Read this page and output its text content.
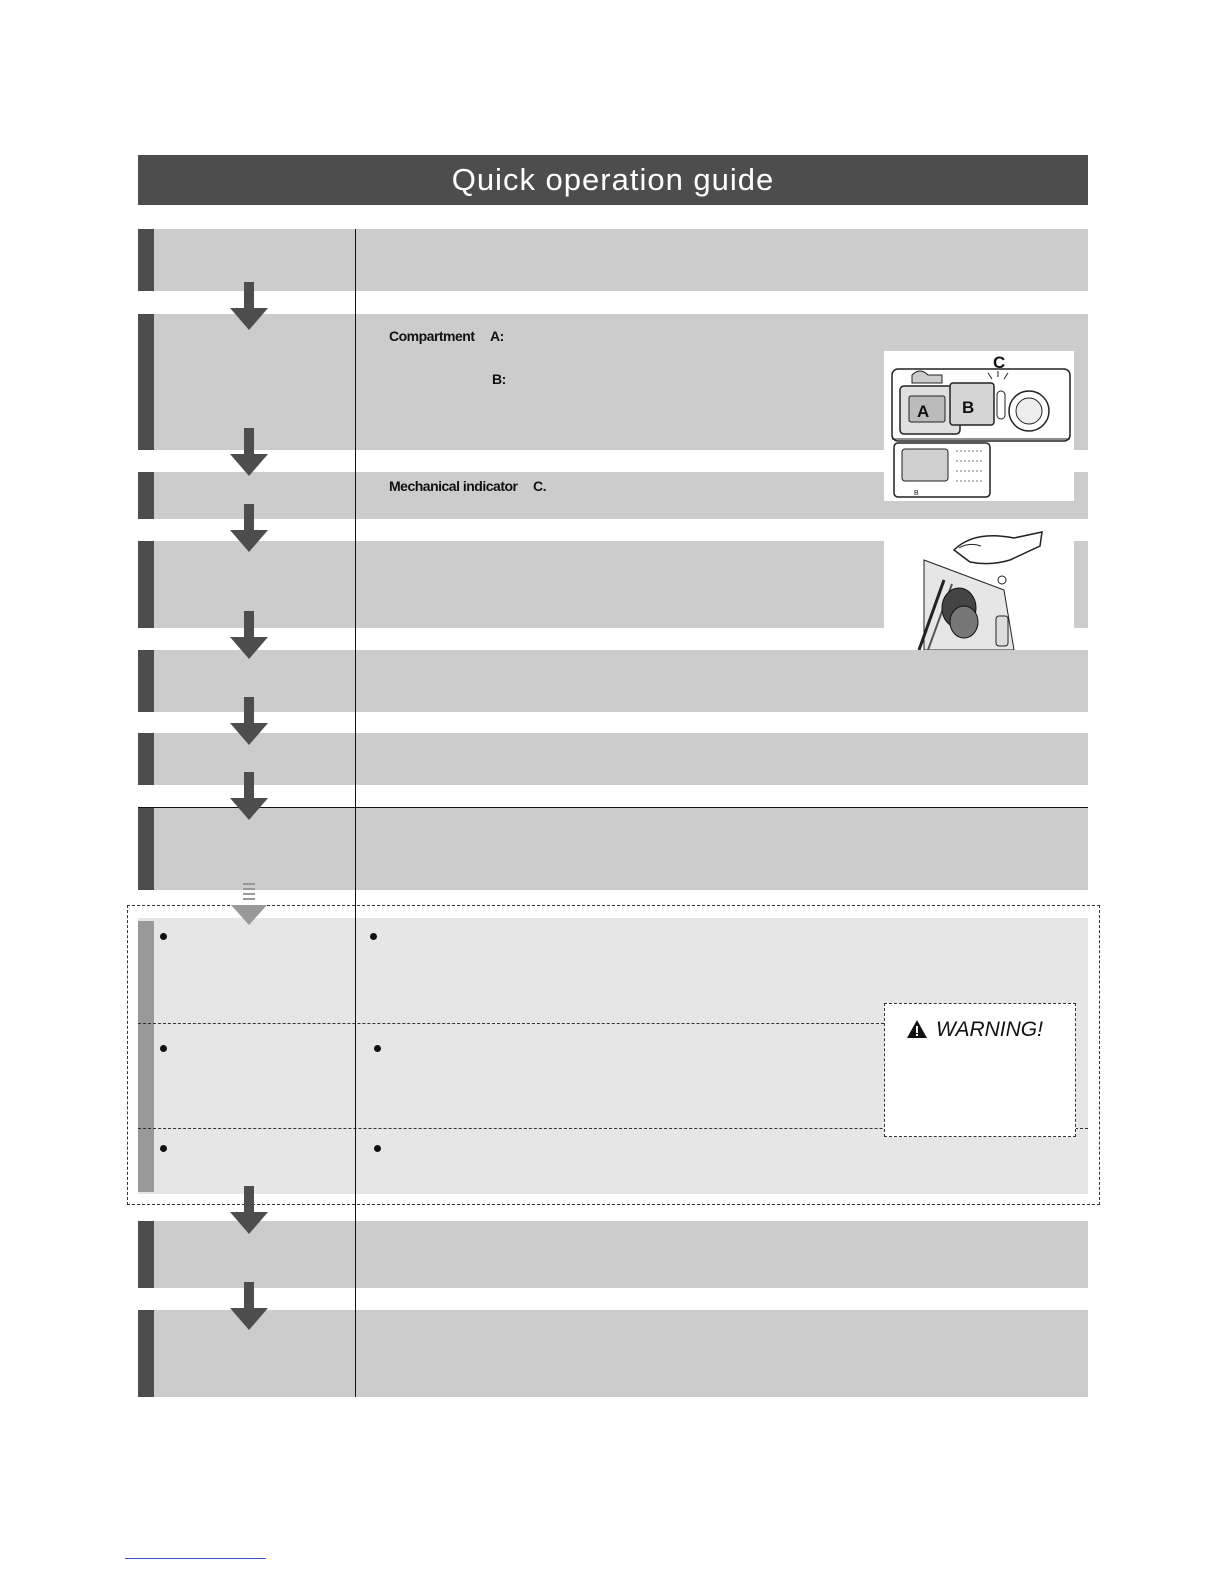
Quick operation guide
WARNING!
Compartment A:
B:
Mechanical indicator C.
A B
C
B
